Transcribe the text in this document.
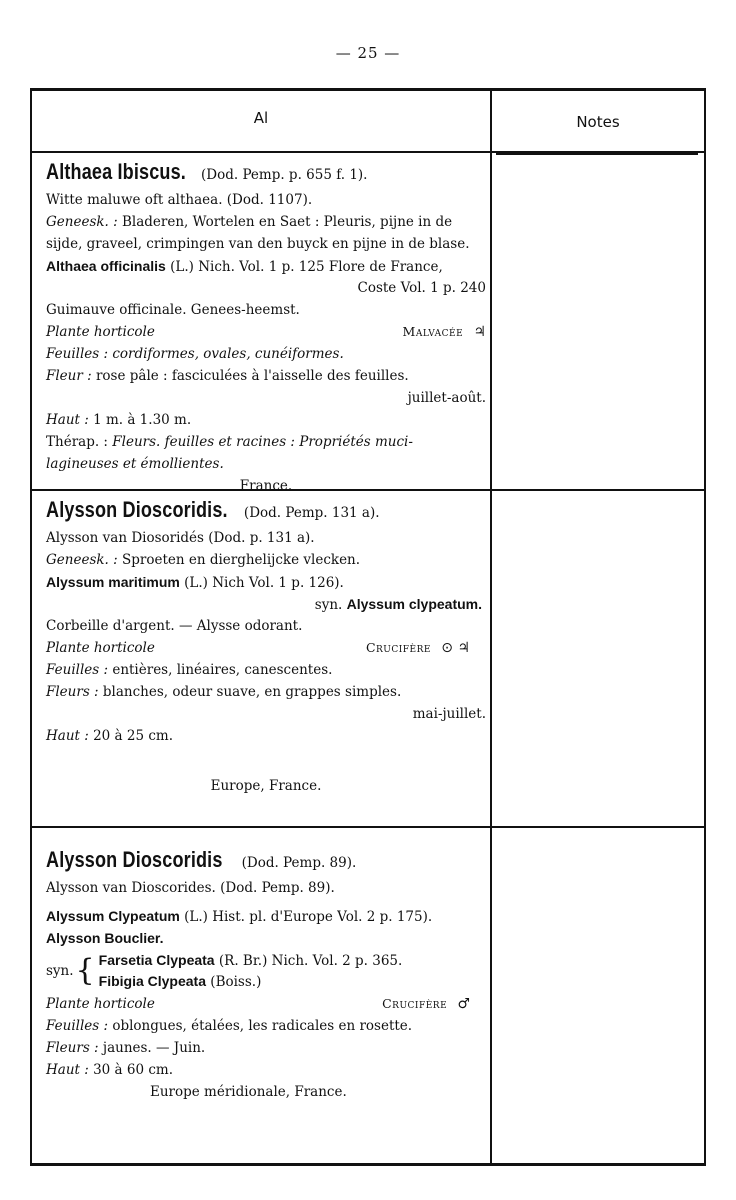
— 25 —
Al	Notes
Althaea Ibiscus. (Dod. Pemp. p. 655 f. 1).
Witte maluwe oft althaea. (Dod. 1107).
Geneesk. : Bladeren, Wortelen en Saet : Pleuris, pijne in de
sijde, graveel, crimpingen van den buyck en pijne in de blase.
Althaea officinalis (L.) Nich. Vol. 1 p. 125 Flore de France,
Coste Vol. 1 p. 240
Guimauve officinale. Genees-heemst.
Plante horticole	Malvacée ♃
Feuilles : cordiformes, ovales, cunéiformes.
Fleur : rose pâle : fasciculées à l'aisselle des feuilles.
juillet-août.
Haut : 1 m. à 1.30 m.
Thérap. : Fleurs. feuilles et racines : Propriétés muci-
lagineuses et émollientes.
France.
Alysson Dioscoridis. (Dod. Pemp. 131 a).
Alysson van Diosoridés (Dod. p. 131 a).
Geneesk. : Sproeten en dierghelijcke vlecken.
Alyssum maritimum (L.) Nich Vol. 1 p. 126).
syn. Alyssum clypeatum.
Corbeille d'argent. — Alysse odorant.
Plante horticole	Crucifère ⊙ ♃
Feuilles : entières, linéaires, canescentes.
Fleurs : blanches, odeur suave, en grappes simples.
mai-juillet.
Haut : 20 à 25 cm.
Europe, France.
Alysson Dioscoridis (Dod. Pemp. 89).
Alysson van Dioscorides. (Dod. Pemp. 89).
Alyssum Clypeatum (L.) Hist. pl. d'Europe Vol. 2 p. 175).
Alysson Bouclier.
syn. { Farsetia Clypeata (R. Br.) Nich. Vol. 2 p. 365.
Fibigia Clypeata (Boiss.)
Plante horticole	Crucifère ♂
Feuilles : oblongues, étalées, les radicales en rosette.
Fleurs : jaunes. — Juin.
Haut : 30 à 60 cm.
Europe méridionale, France.
